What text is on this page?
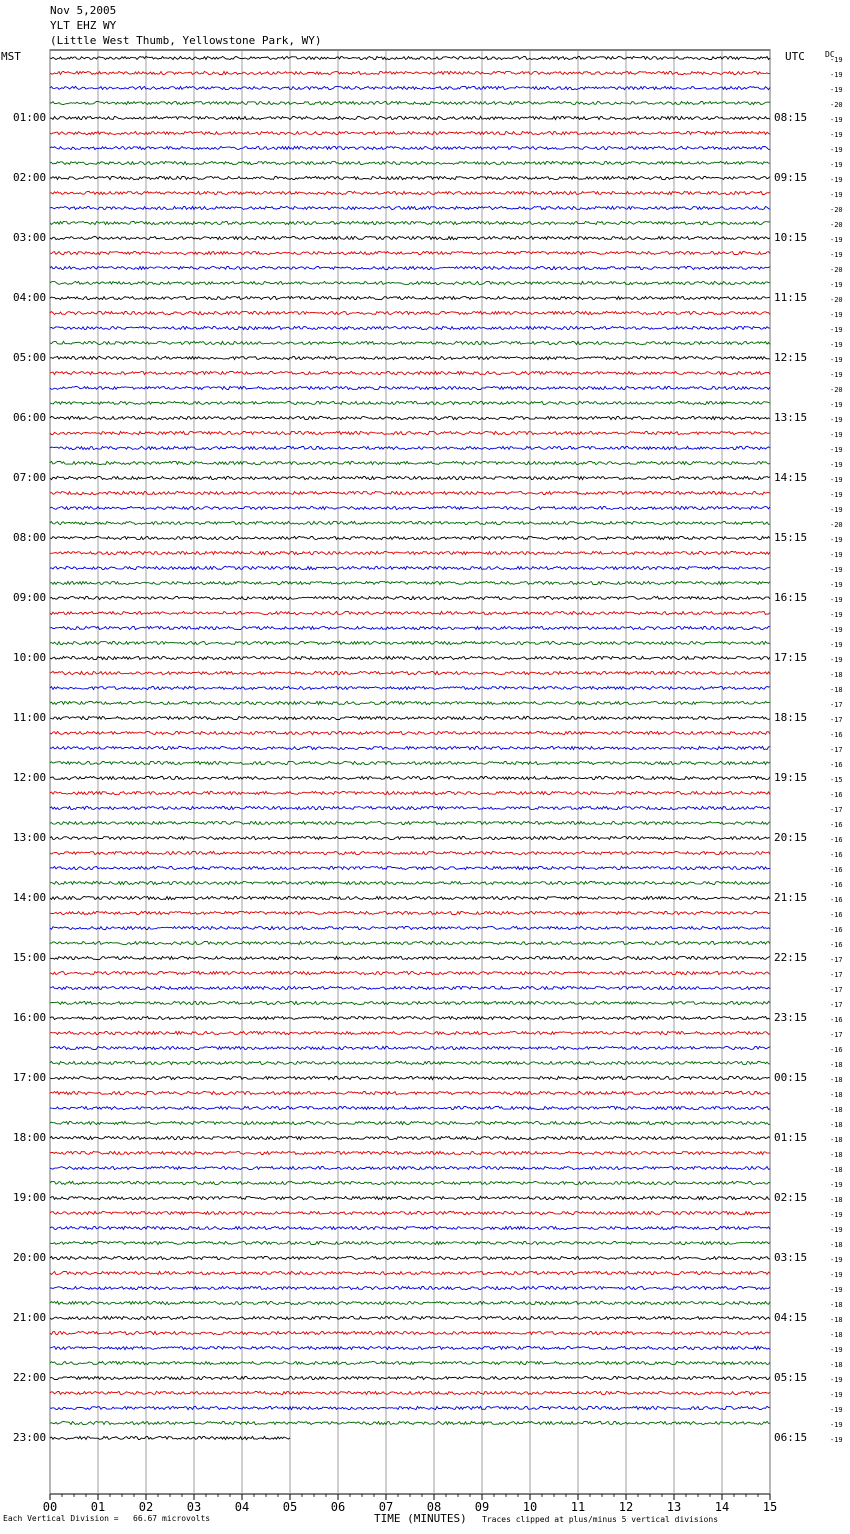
Nov 5,2005
YLT EHZ WY
(Little West Thumb, Yellowstone Park, WY)
00	01	02	03	04	05	06	07	08	09	10	11	12	13	14	15
MST	UTC	DC
01:00
02:00
03:00
04:00
05:00
06:00
07:00
08:00
09:00
10:00
11:00
12:00
13:00
14:00
15:00
16:00
17:00
18:00
19:00
20:00
21:00
22:00
23:00
08:15
09:15
10:15
11:15
12:15
13:15
14:15
15:15
16:15
17:15
18:15
19:15
20:15
21:15
22:15
23:15
00:15
01:15
02:15
03:15
04:15
05:15
06:15
-19
-19
-19
-20
-19
-19
-19
-19
-19
-19
-20
-20
-19
-19
-20
-19
-20
-19
-19
-19
-19
-19
-20
-19
-19
-19
-19
-19
-19
-19
-19
-20
-19
-19
-19
-19
-19
-19
-19
-19
-19
-18
-18
-17
-17
-16
-17
-16
-15
-16
-17
-16
-16
-16
-16
-16
-16
-16
-16
-16
-17
-17
-17
-17
-16
-17
-16
-18
-18
-18
-18
-18
-18
-18
-18
-19
-18
-19
-19
-18
-19
-19
-19
-18
-18
-18
-19
-18
-19
-19
-19
-19
-19
Each Vertical Division =   66.67 microvolts	TIME (MINUTES) Traces clipped at plus/minus 5 vertical divisions
